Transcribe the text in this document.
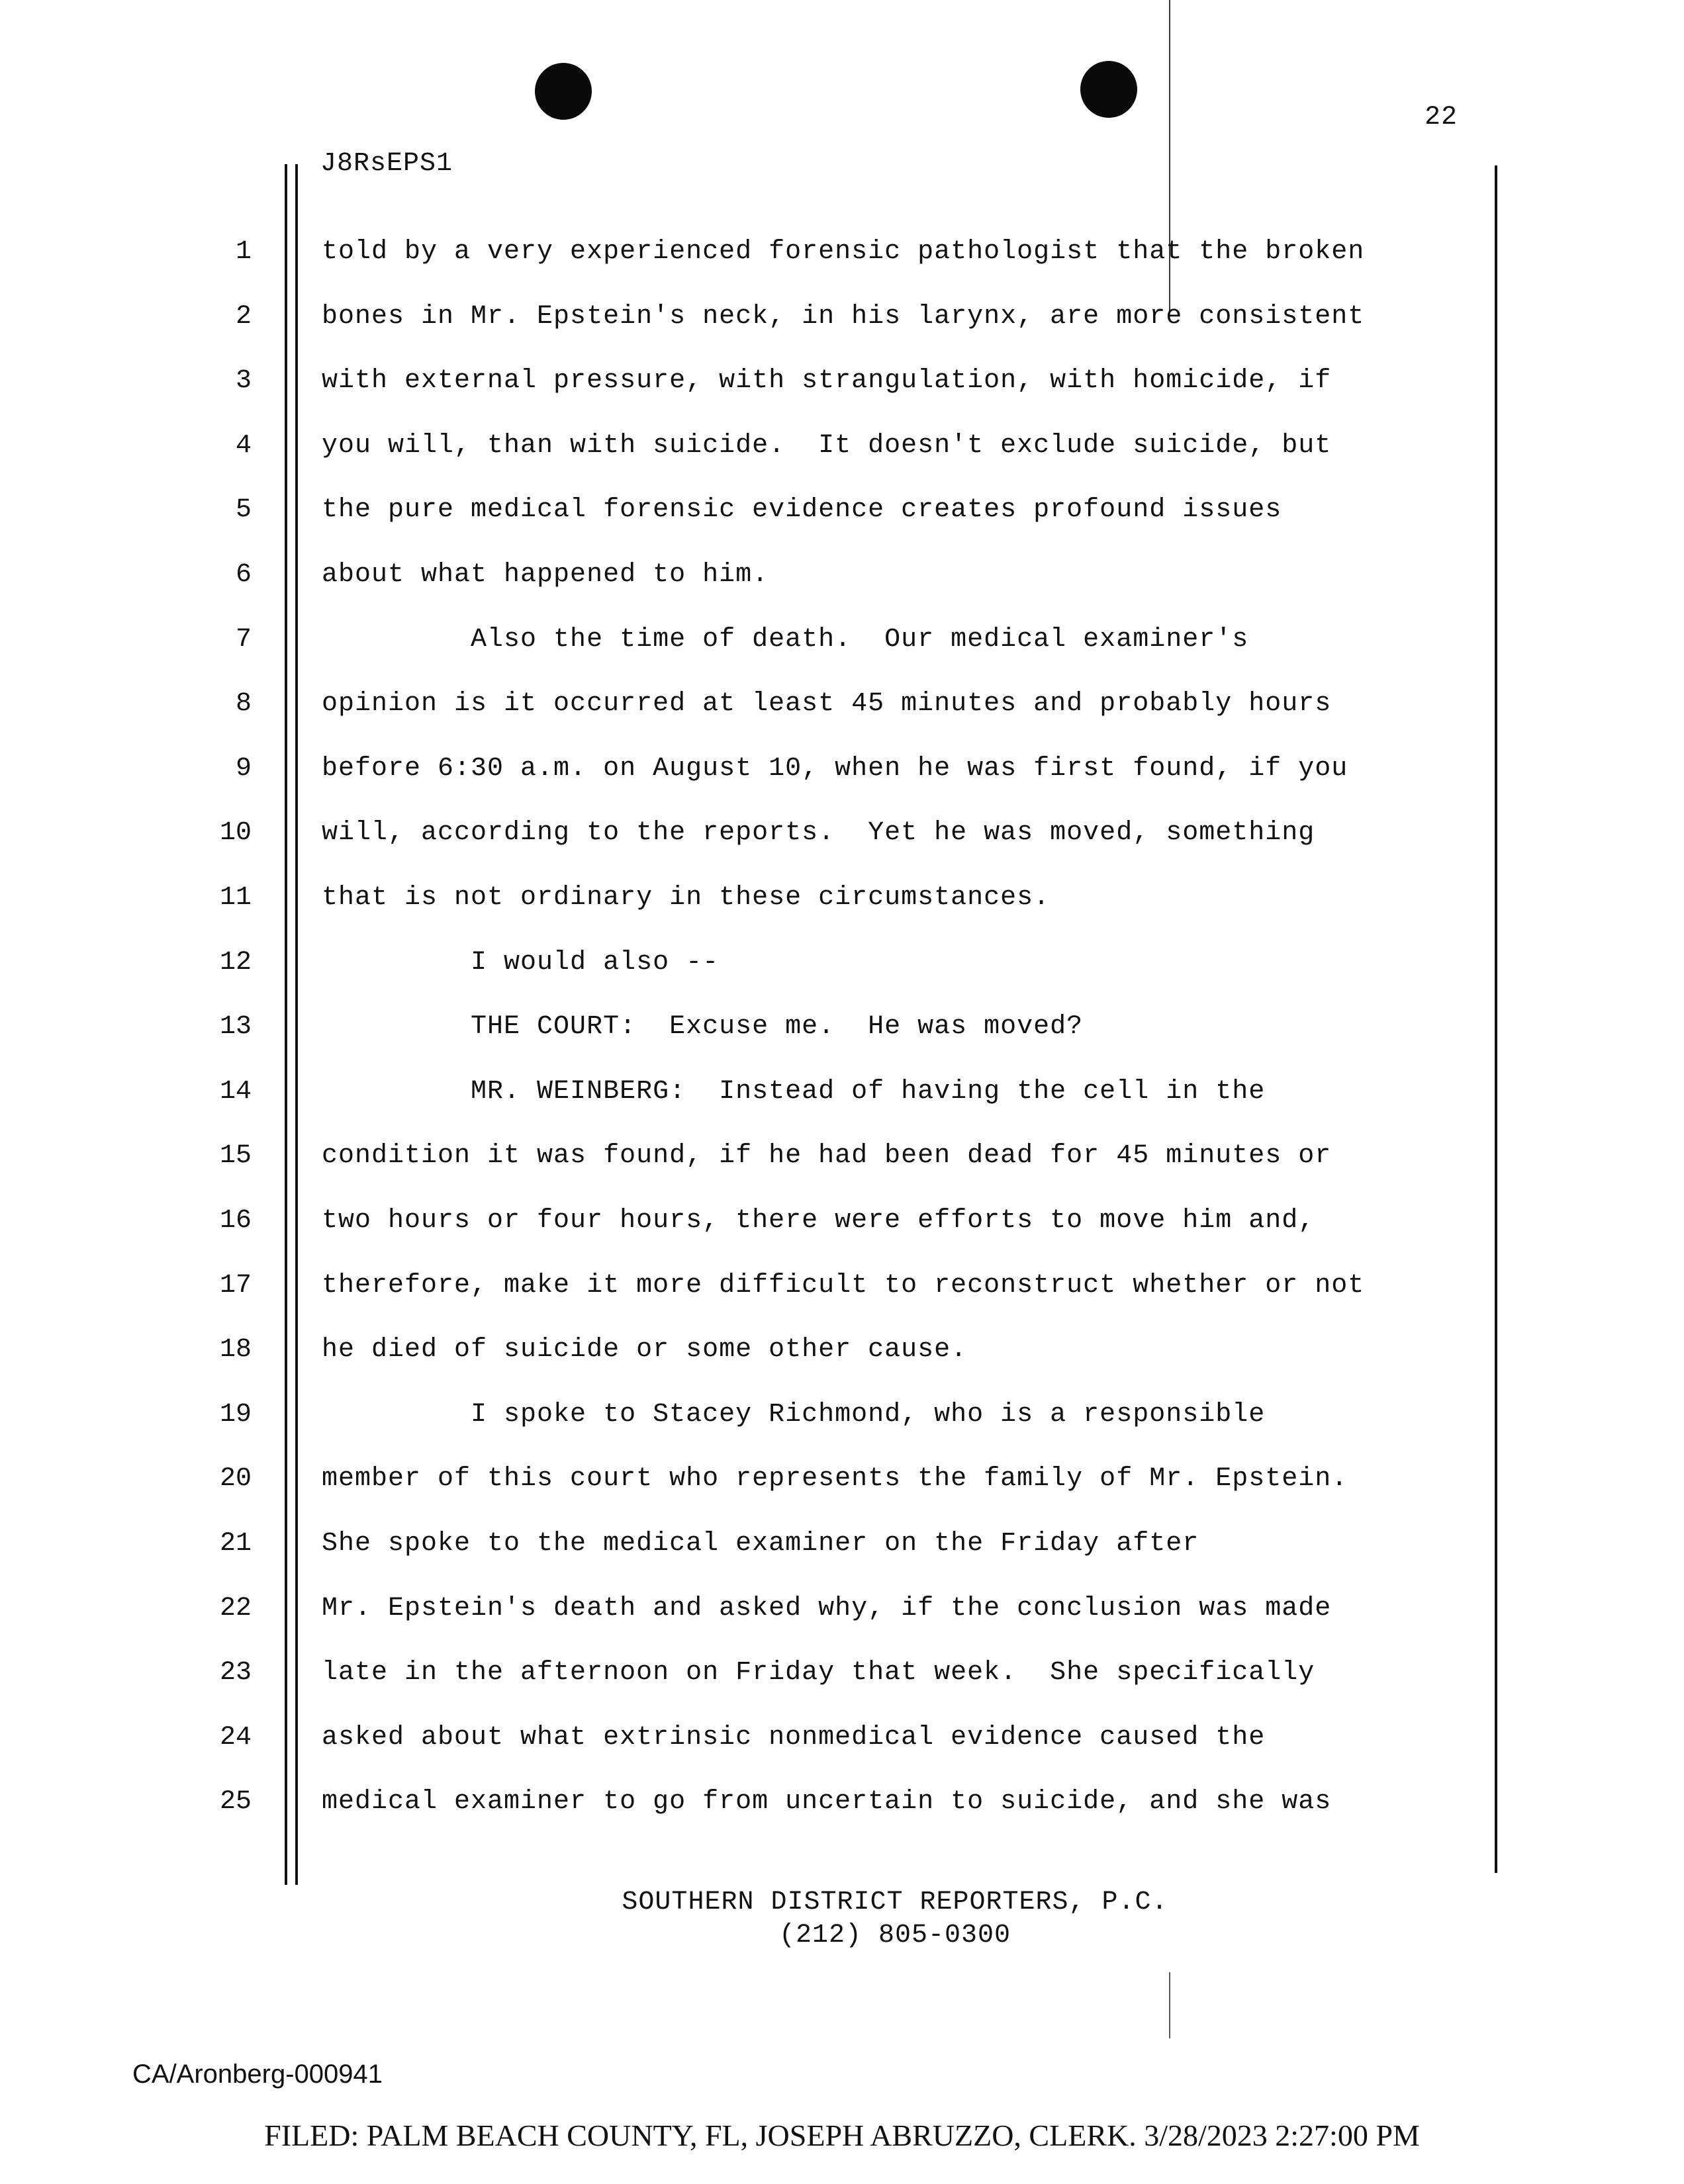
22
J8RsEPS1
1	told by a very experienced forensic pathologist that the broken
2	bones in Mr. Epstein's neck, in his larynx, are more consistent
3	with external pressure, with strangulation, with homicide, if
4	you will, than with suicide.  It doesn't exclude suicide, but
5	the pure medical forensic evidence creates profound issues
6	about what happened to him.
7	Also the time of death.  Our medical examiner's
8	opinion is it occurred at least 45 minutes and probably hours
9	before 6:30 a.m. on August 10, when he was first found, if you
10	will, according to the reports.  Yet he was moved, something
11	that is not ordinary in these circumstances.
12	I would also --
13	THE COURT:  Excuse me.  He was moved?
14	MR. WEINBERG:  Instead of having the cell in the
15	condition it was found, if he had been dead for 45 minutes or
16	two hours or four hours, there were efforts to move him and,
17	therefore, make it more difficult to reconstruct whether or not
18	he died of suicide or some other cause.
19	I spoke to Stacey Richmond, who is a responsible
20	member of this court who represents the family of Mr. Epstein.
21	She spoke to the medical examiner on the Friday after
22	Mr. Epstein's death and asked why, if the conclusion was made
23	late in the afternoon on Friday that week.  She specifically
24	asked about what extrinsic nonmedical evidence caused the
25	medical examiner to go from uncertain to suicide, and she was
SOUTHERN DISTRICT REPORTERS, P.C.
(212) 805-0300
CA/Aronberg-000941
FILED: PALM BEACH COUNTY, FL, JOSEPH ABRUZZO, CLERK. 3/28/2023 2:27:00 PM
